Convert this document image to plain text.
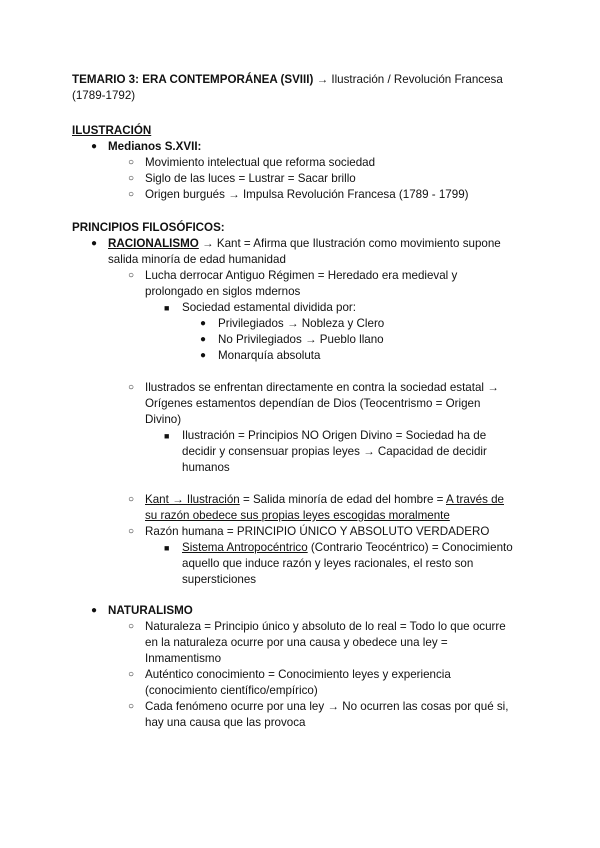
TEMARIO 3: ERA CONTEMPORÁNEA (SVIII) → Ilustración / Revolución Francesa
(1789-1792)
ILUSTRACIÓN
● Medianos S.XVII:
○ Movimiento intelectual que reforma sociedad
○ Siglo de las luces = Lustrar = Sacar brillo
○ Origen burgués → Impulsa Revolución Francesa (1789 - 1799)
PRINCIPIOS FILOSÓFICOS:
● RACIONALISMO → Kant = Afirma que Ilustración como movimiento supone
salida minoría de edad humanidad
○ Lucha derrocar Antiguo Régimen = Heredado era medieval y
prolongado en siglos mdernos
■ Sociedad estamental dividida por:
● Privilegiados → Nobleza y Clero
● No Privilegiados → Pueblo llano
● Monarquía absoluta
○ Ilustrados se enfrentan directamente en contra la sociedad estatal →
Orígenes estamentos dependían de Dios (Teocentrismo = Origen
Divino)
■ Ilustración = Principios NO Origen Divino = Sociedad ha de
decidir y consensuar propias leyes → Capacidad de decidir
humanos
○ Kant → Ilustración = Salida minoría de edad del hombre = A través de
su razón obedece sus propias leyes escogidas moralmente
○ Razón humana = PRINCIPIO ÚNICO Y ABSOLUTO VERDADERO
■ Sistema Antropocéntrico (Contrario Teocéntrico) = Conocimiento
aquello que induce razón y leyes racionales, el resto son
supersticiones
● NATURALISMO
○ Naturaleza = Principio único y absoluto de lo real = Todo lo que ocurre
en la naturaleza ocurre por una causa y obedece una ley =
Inmamentismo
○ Auténtico conocimiento = Conocimiento leyes y experiencia
(conocimiento científico/empírico)
○ Cada fenómeno ocurre por una ley → No ocurren las cosas por qué si,
hay una causa que las provoca
